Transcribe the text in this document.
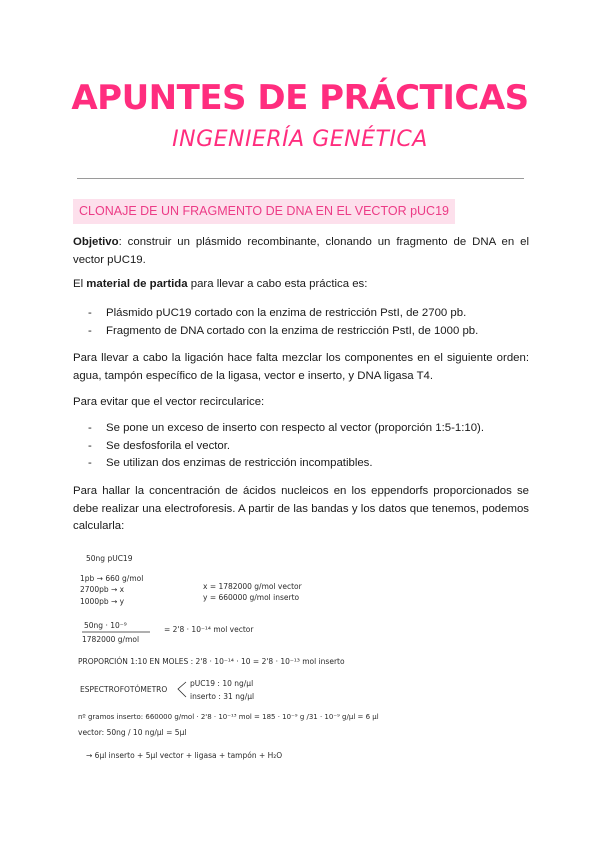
APUNTES DE PRÁCTICAS
INGENIERÍA GENÉTICA
CLONAJE DE UN FRAGMENTO DE DNA EN EL VECTOR pUC19
Objetivo: construir un plásmido recombinante, clonando un fragmento de DNA en el vector pUC19.
El material de partida para llevar a cabo esta práctica es:
- Plásmido pUC19 cortado con la enzima de restricción PstI, de 2700 pb.
- Fragmento de DNA cortado con la enzima de restricción PstI, de 1000 pb.
Para llevar a cabo la ligación hace falta mezclar los componentes en el siguiente orden: agua, tampón específico de la ligasa, vector e inserto, y DNA ligasa T4.
Para evitar que el vector recircularice:
- Se pone un exceso de inserto con respecto al vector (proporción 1:5-1:10).
- Se desfosforila el vector.
- Se utilizan dos enzimas de restricción incompatibles.
Para hallar la concentración de ácidos nucleicos en los eppendorfs proporcionados se debe realizar una electroforesis. A partir de las bandas y los datos que tenemos, podemos calcularla:
50ng pUC19
1pb → 660 g/mol
2700pb → x
1000pb → y
x = 1782000 g/mol vector
y = 660000 g/mol inserto
50ng · 10⁻⁹
1782000 g/mol
= 2'8 · 10⁻¹⁴ mol vector
PROPORCIÓN 1:10 EN MOLES : 2'8 · 10⁻¹⁴ · 10 = 2'8 · 10⁻¹³ mol inserto
ESPECTROFOTÓMETRO
pUC19 : 10 ng/µl
inserto : 31 ng/µl
nº gramos inserto: 660000 g/mol · 2'8 · 10⁻¹³ mol = 185 · 10⁻⁹ g /31 · 10⁻⁹ g/µl = 6 µl
vector: 50ng / 10 ng/µl = 5µl
→ 6µl inserto + 5µl vector + ligasa + tampón + H₂O
